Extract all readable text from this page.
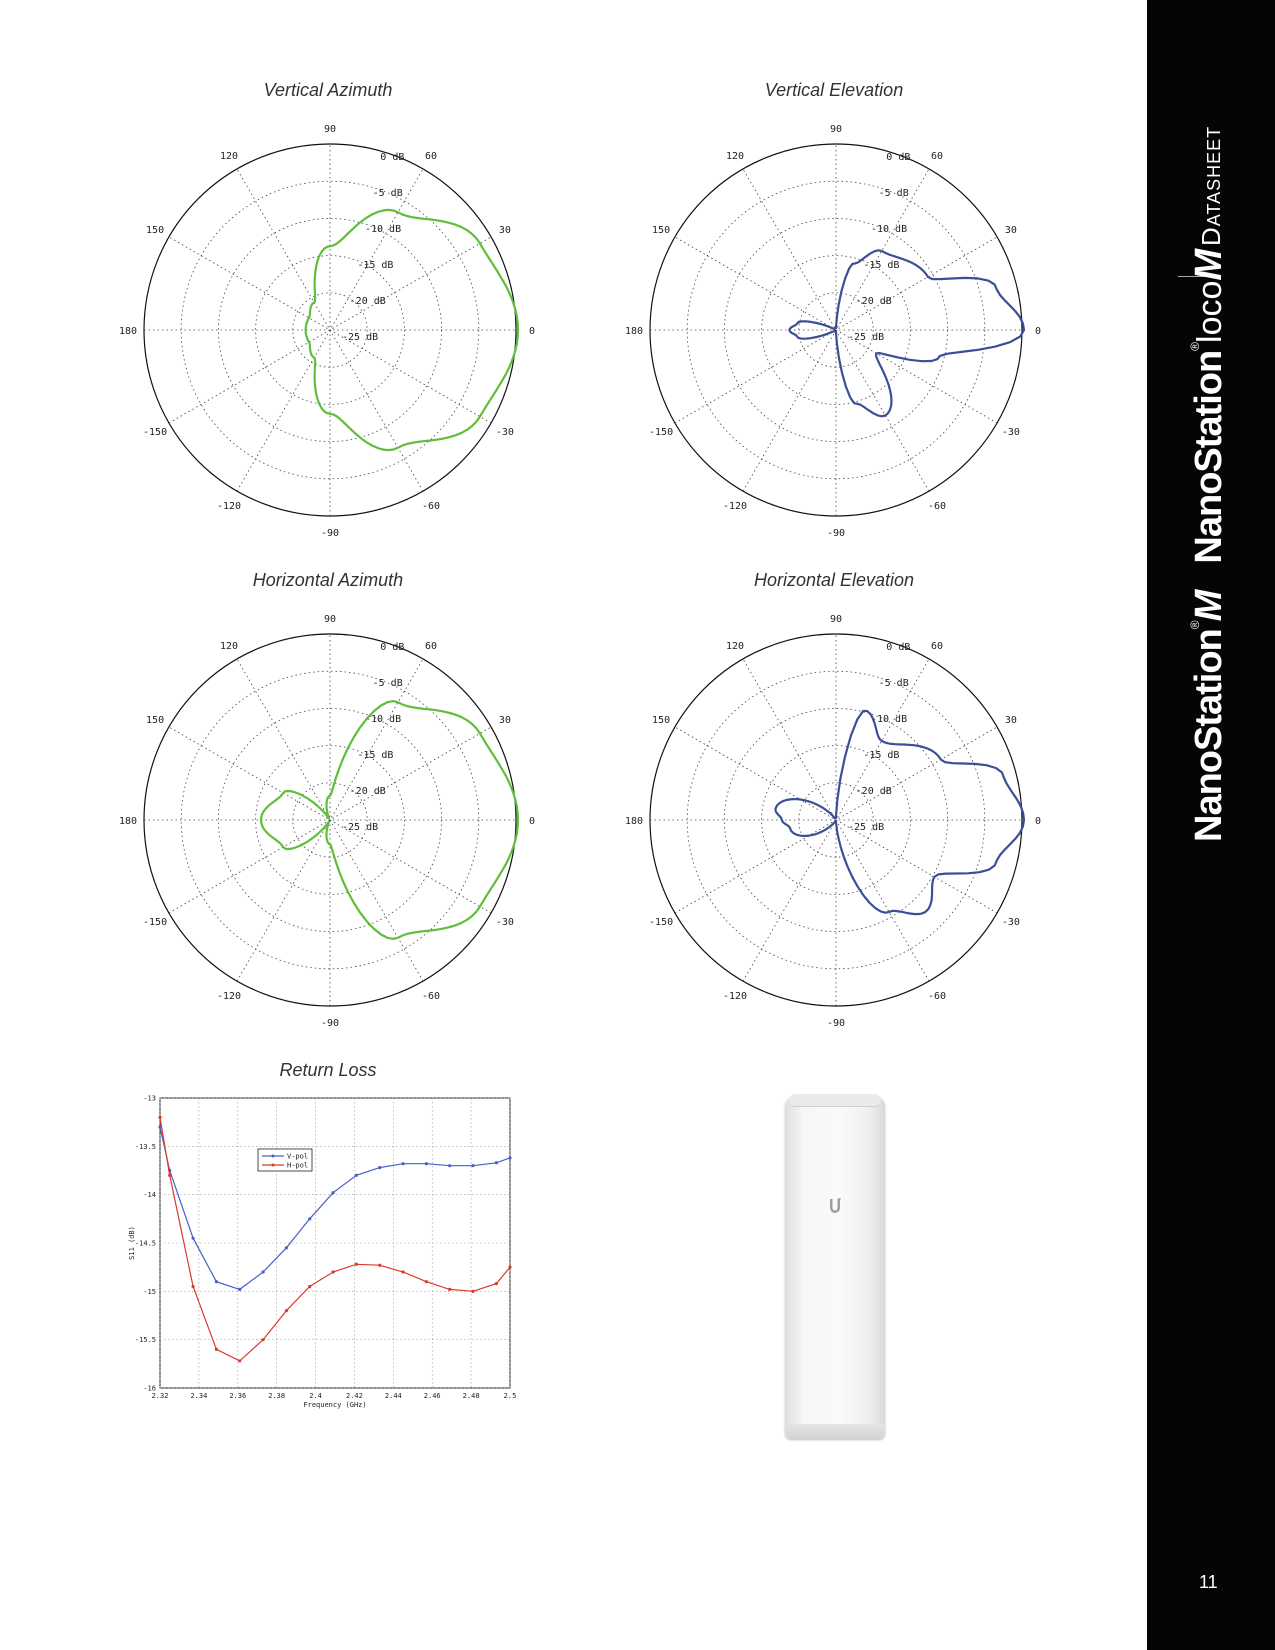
Datasheet
NanoStation®M  NanoStation®locoM
11
Vertical Azimuth	Vertical Elevation
Horizontal Azimuth	Horizontal Elevation
90
60
30
0
-30
-60
-90
-120
-150
180
150
120	0 dB
-5 dB
-10 dB
-15 dB
-20 dB
-25 dB
90
60
30
0
-30
-60
-90
-120
-150
180
150
120	0 dB
-5 dB
-10 dB
-15 dB
-20 dB
-25 dB
90
60
30
0
-30
-60
-90
-120
-150
180
150
120	0 dB
-5 dB
-10 dB
-15 dB
-20 dB
-25 dB
90
60
30
0
-30
-60
-90
-120
-150
180
150
120	0 dB
-5 dB
-10 dB
-15 dB
-20 dB
-25 dB
Return Loss
2.32	2.34	2.36	2.38	2.4	2.42	2.44	2.46	2.48	2.5
-13
-13.5
-14
-14.5
-15
-15.5
-16
Frequency (GHz)
S11 (dB)
V-pol
H-pol
